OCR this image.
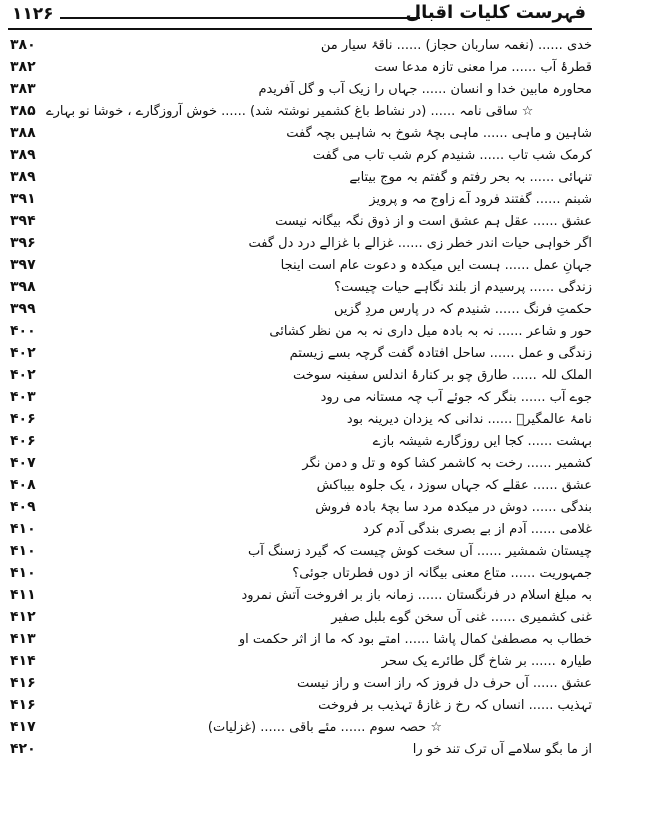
۱۱۲۶	فہرست کلیات اقبال
۳۸۰	خدی ...... (نغمہ ساربان حجاز) ...... ناقۂ سیار من
۳۸۲	قطرۂ آب ...... مرا معنی تازہ مدعا ست
۳۸۳	محاورہ مابین خدا و انسان ...... جہاں را زیک آب و گل آفریدم
۳۸۵ ☆ ساقی نامہ ...... (در نشاط باغ کشمیر نوشتہ شد) ...... خوش آروزگارے ، خوشا نو بہارے
۳۸۸	شاہین و ماہی ...... ماہی بچۂ شوخ بہ شاہیں بچہ گفت
۳۸۹	کرمک شب تاب ...... شنیدم کرم شب تاب می گفت
۳۸۹	تنہائی ...... بہ بحر رفتم و گفتم بہ موج بیتابے
۳۹۱	شبنم ...... گفتند فرود آے زاوج مہ و پرویز
۳۹۴	عشق ...... عقل ہم عشق است و از ذوق نگہ بیگانہ نیست
۳۹۶	اگر خواہی حیات اندر خطر زی ...... غزالے با غزالے درد دل گفت
۳۹۷	جہانِ عمل ...... ہست ایں میکدہ و دعوت عام است اینجا
۳۹۸	زندگی ...... پرسیدم از بلند نگاہے حیات چیست؟
۳۹۹	حکمتِ فرنگ ...... شنیدم کہ در پارس مردِ گزیں
۴۰۰	حور و شاعر ...... نہ بہ بادہ میل داری نہ بہ من نظر کشائی
۴۰۲	زندگی و عمل ...... ساحل افتادہ گفت گرچہ بسے زیستم
۴۰۲	الملک للہ ...... طارق چو بر کنارۂ اندلس سفینہ سوخت
۴۰۳	جوے آب ...... بنگر کہ جوئے آب چہ مستانہ می رود
۴۰۶	نامۂ عالمگیرؒ ...... ندانی کہ یزدان دیرینہ بود
۴۰۶	بہشت ...... کجا ایں روزگارے شیشہ بازے
۴۰۷	کشمیر ...... رخت بہ کاشمر کشا کوہ و تل و دمن نگر
۴۰۸	عشق ...... عقلے کہ جہاں سوزد ، یک جلوہ بیباکش
۴۰۹	بندگی ...... دوش در میکدہ مرد سا بچۂ بادہ فروش
۴۱۰	غلامی ...... آدم از بے بصری بندگی آدم کرد
۴۱۰	چیستان شمشیر ...... آں سخت کوش چیست کہ گیرد زسنگ آب
۴۱۰	جمہوریت ...... متاع معنی بیگانہ از دوں فطرتاں جوئی؟
۴۱۱	بہ مبلغ اسلام در فرنگستان ...... زمانہ باز بر افروخت آتش نمرود
۴۱۲	غنی کشمیری ...... غنی آں سخن گوے بلبل صفیر
۴۱۳	خطاب بہ مصطفیٰ کمال پاشا ...... امتے بود کہ ما از اثر حکمت او
۴۱۴	طیارہ ...... بر شاخ گل طائرے یک سحر
۴۱۶	عشق ...... آں حرف دل فروز کہ راز است و راز نیست
۴۱۶	تہذیب ...... انساں کہ رخ ز غازۂ تہذیب بر فروخت
۴۱۷	☆ حصہ سوم ...... مئے باقی ...... (غزلیات)
۴۲۰	از ما بگو سلامے آں ترک تند خو را
